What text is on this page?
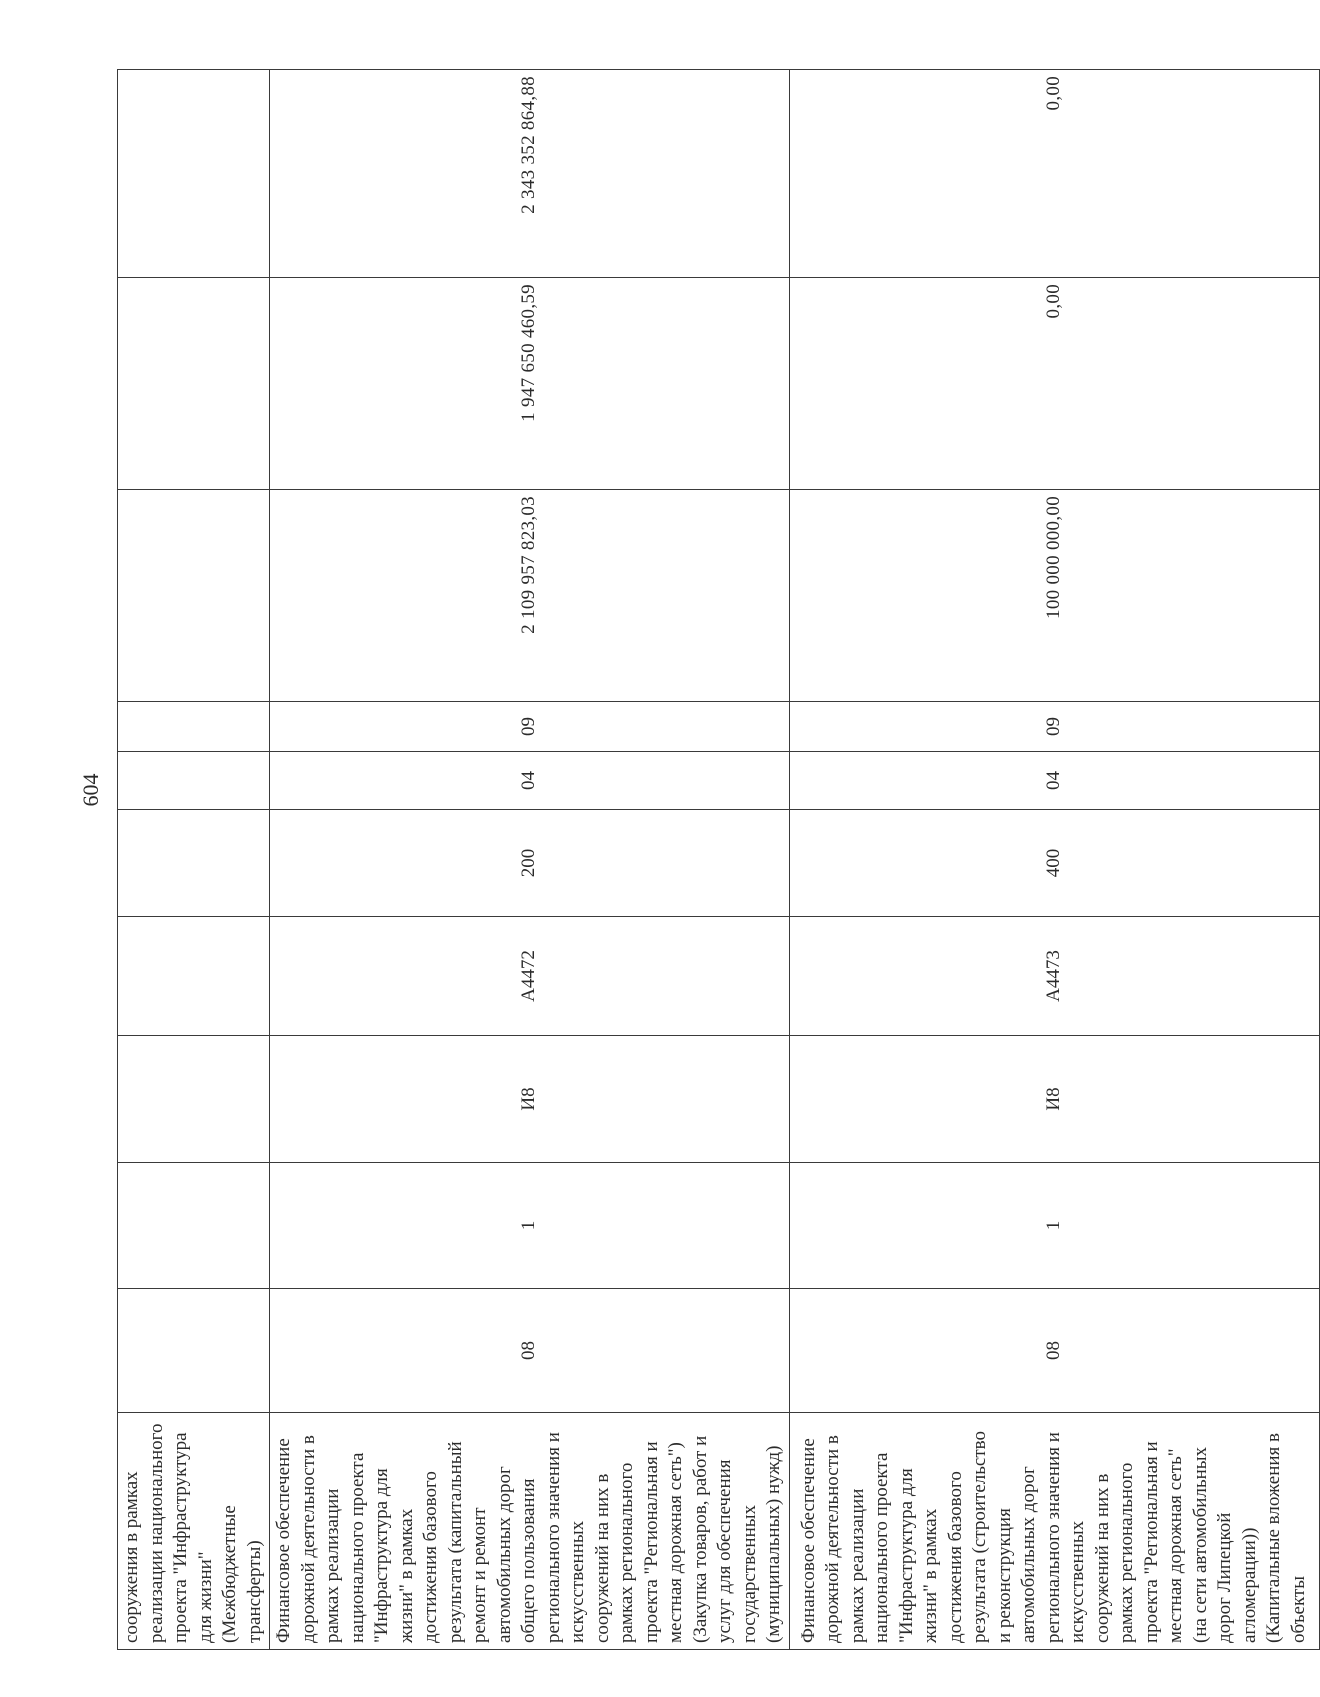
604
сооружения в рамках реализации национального проекта "Инфраструктура для жизни" (Межбюджетные трансферты)										
Финансовое обеспечение дорожной деятельности в рамках реализации национального проекта "Инфраструктура для жизни" в рамках достижения базового результата (капитальный ремонт и ремонт автомобильных дорог общего пользования регионального значения и искусственных сооружений на них в рамках регионального проекта "Региональная и местная дорожная сеть") (Закупка товаров, работ и услуг для обеспечения государственных (муниципальных) нужд)	08	1	И8	А4472	200	04	09	2 109 957 823,03	1 947 650 460,59	2 343 352 864,88
Финансовое обеспечение дорожной деятельности в рамках реализации национального проекта "Инфраструктура для жизни" в рамках достижения базового результата (строительство и реконструкция автомобильных дорог регионального значения и искусственных сооружений на них в рамках регионального проекта "Региональная и местная дорожная сеть" (на сети автомобильных дорог Липецкой агломерации)) (Капитальные вложения в объекты	08	1	И8	А4473	400	04	09	100 000 000,00	0,00	0,00
